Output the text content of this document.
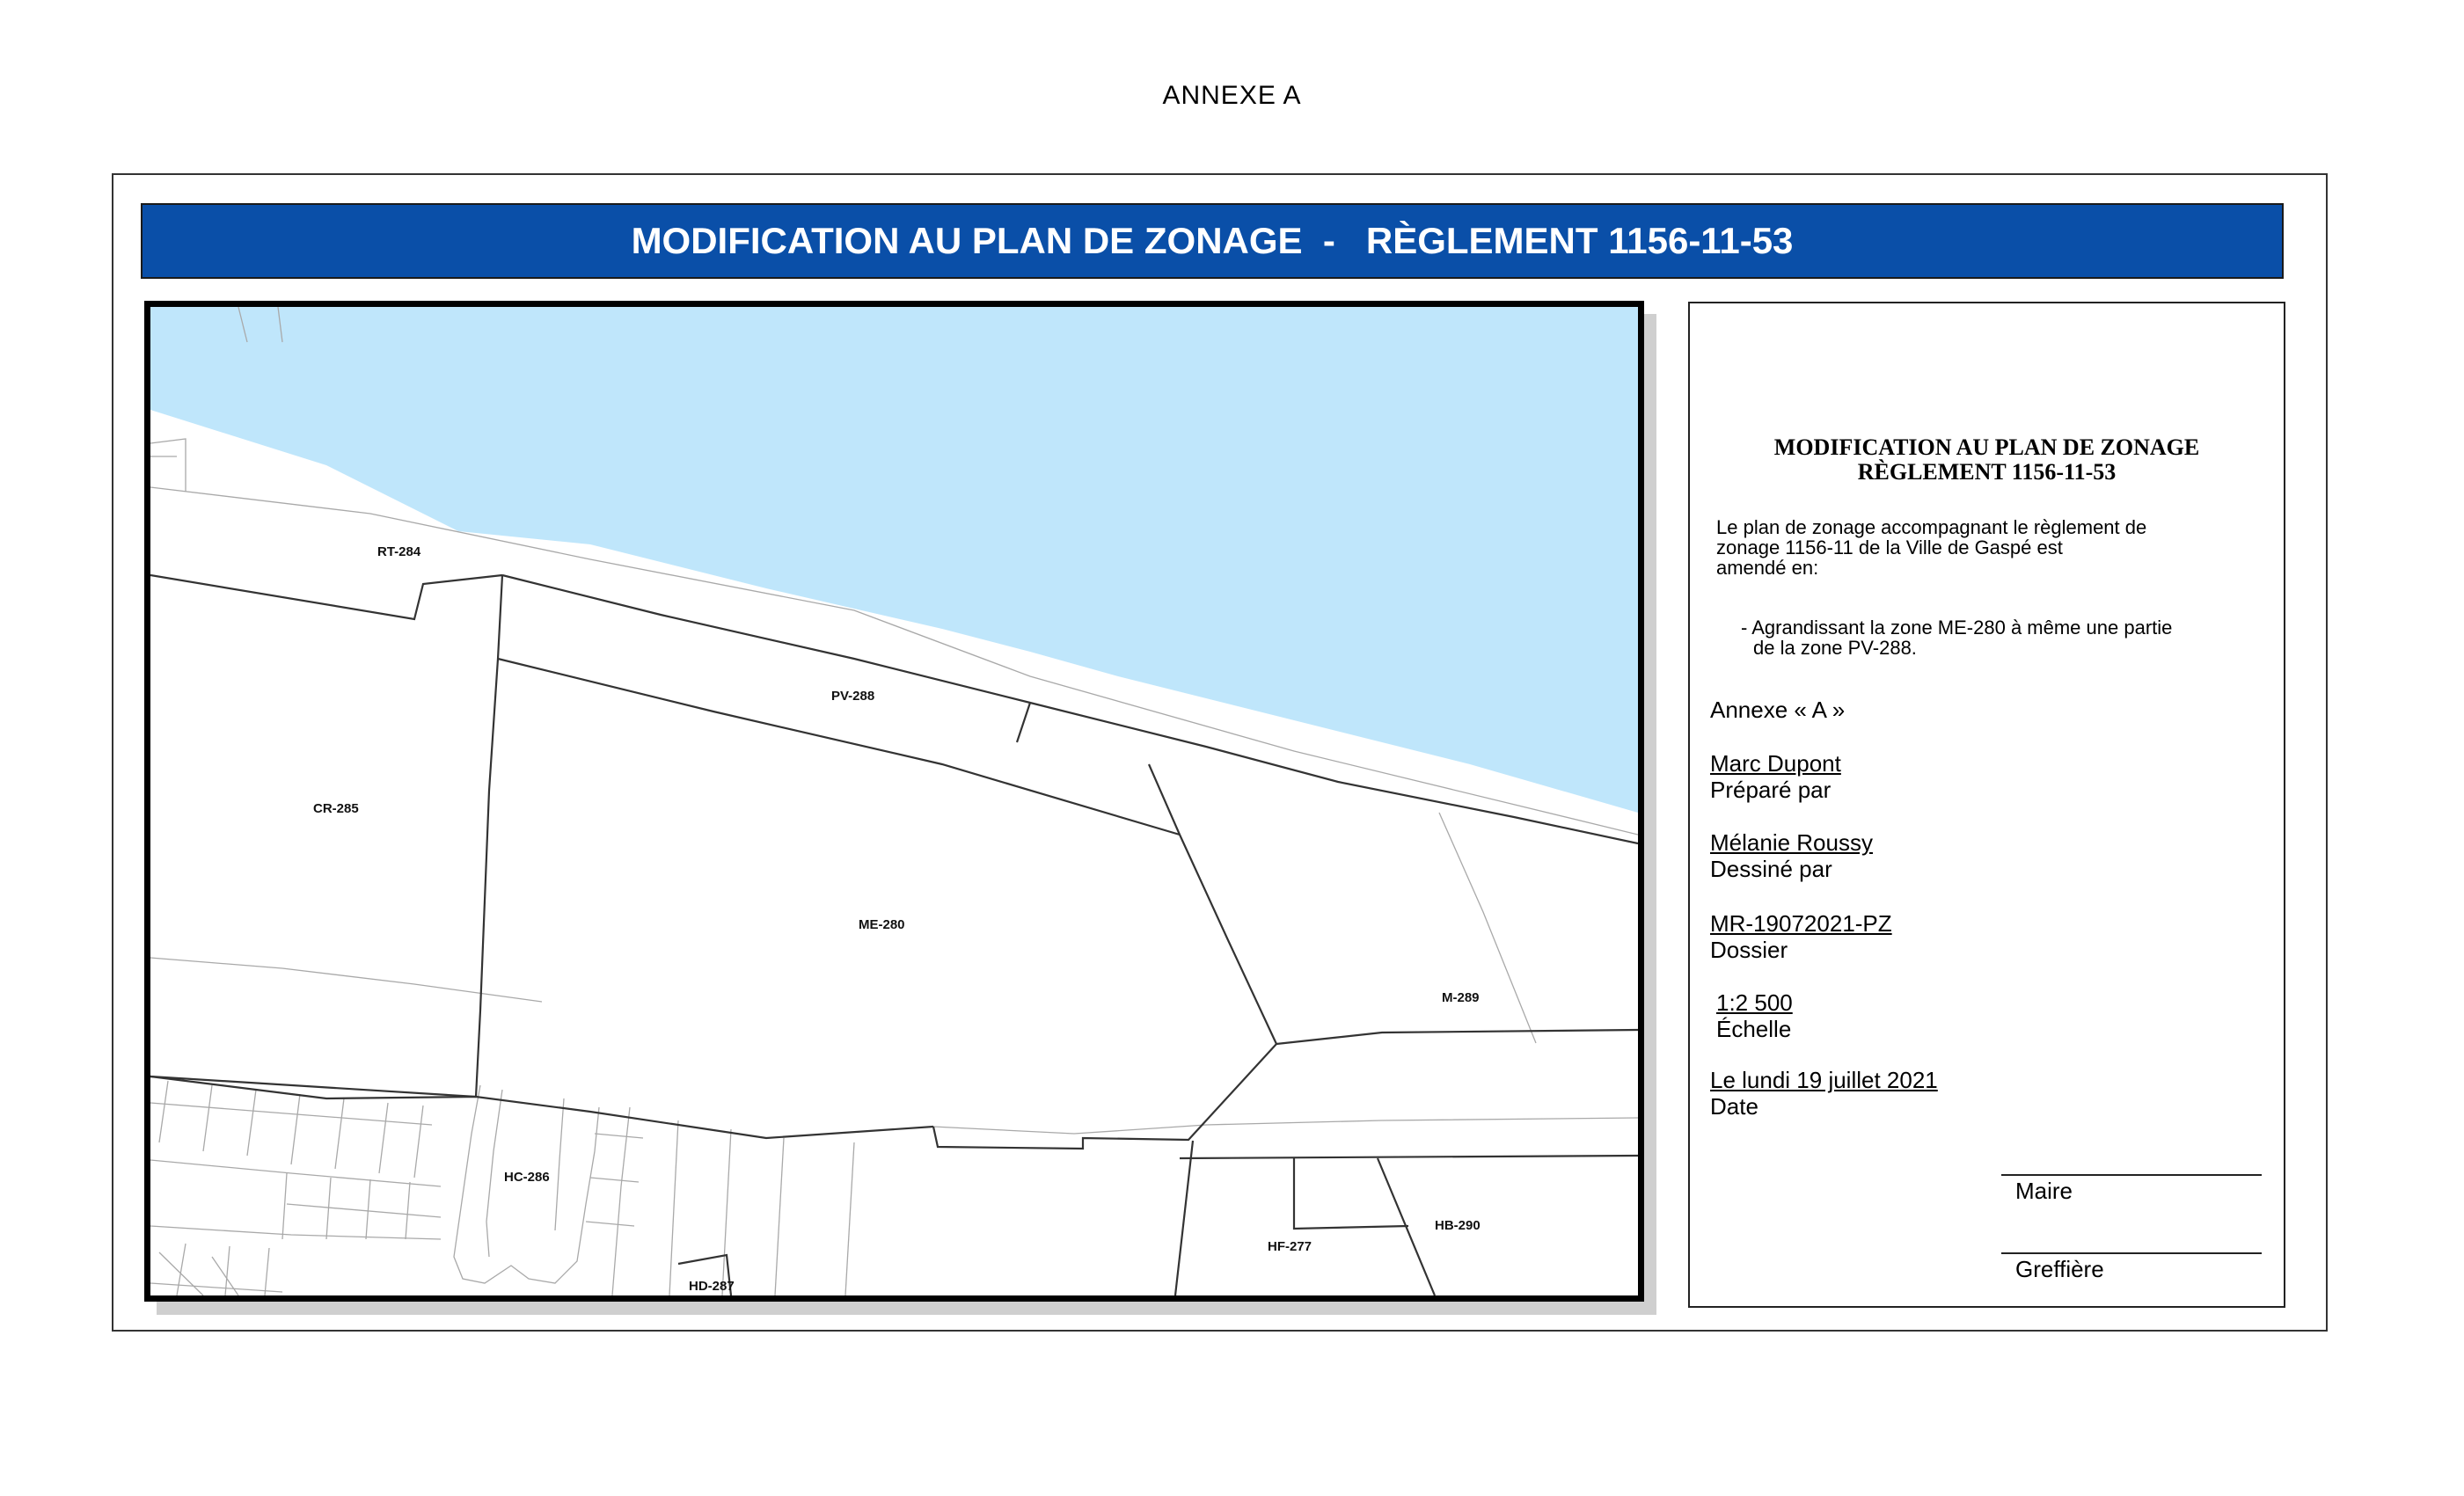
ANNEXE A
MODIFICATION AU PLAN DE ZONAGE  -   RÈGLEMENT 1156-11-53
RT-284
PV-288
CR-285
ME-280
M-289
HC-286
HD-287
HF-277
HB-290
MODIFICATION AU PLAN DE ZONAGE
RÈGLEMENT 1156-11-53
Le plan de zonage accompagnant le règlement de
zonage 1156-11 de la Ville de Gaspé est
amendé en:
- Agrandissant la zone ME-280 à même une partie
de la zone PV-288.
Annexe « A »
Marc Dupont
Préparé par
Mélanie Roussy
Dessiné par
MR-19072021-PZ
Dossier
1:2 500
Échelle
Le lundi 19 juillet 2021
Date
Maire
Greffière
